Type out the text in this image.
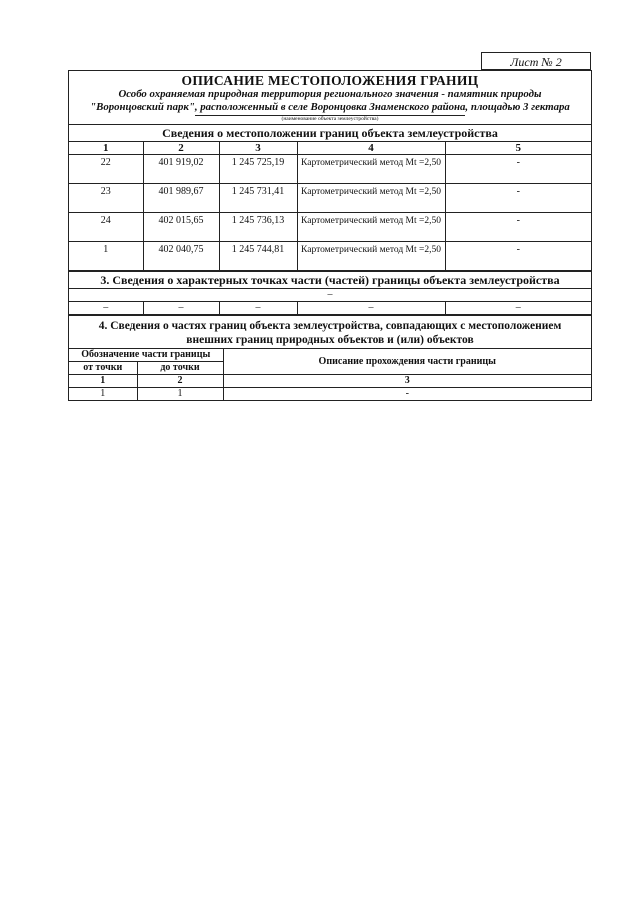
Лист № 2
ОПИСАНИЕ МЕСТОПОЛОЖЕНИЯ ГРАНИЦ
Особо охраняемая природная территория регионального значения - памятник природы
"Воронцовский парк", расположенный в селе Воронцовка Знаменского района, площадью 3 гектара
(наименование объекта землеустройства)
Сведения о местоположении границ объекта землеустройства
1	2	3	4	5
22	401 919,02	1 245 725,19	Картометрический метод Mt =2,50	-
23	401 989,67	1 245 731,41	Картометрический метод Mt =2,50	-
24	402 015,65	1 245 736,13	Картометрический метод Mt =2,50	-
1	402 040,75	1 245 744,81	Картометрический метод Mt =2,50	-
3. Сведения о характерных точках части (частей) границы объекта землеустройства
–
–	–	–	–	–
4. Сведения о частях границ объекта землеустройства, совпадающих с местоположением внешних границ природных объектов и (или) объектов
Обозначение части границы		Описание прохождения части границы
от точки	до точки	
1	2	3
1	1	-
